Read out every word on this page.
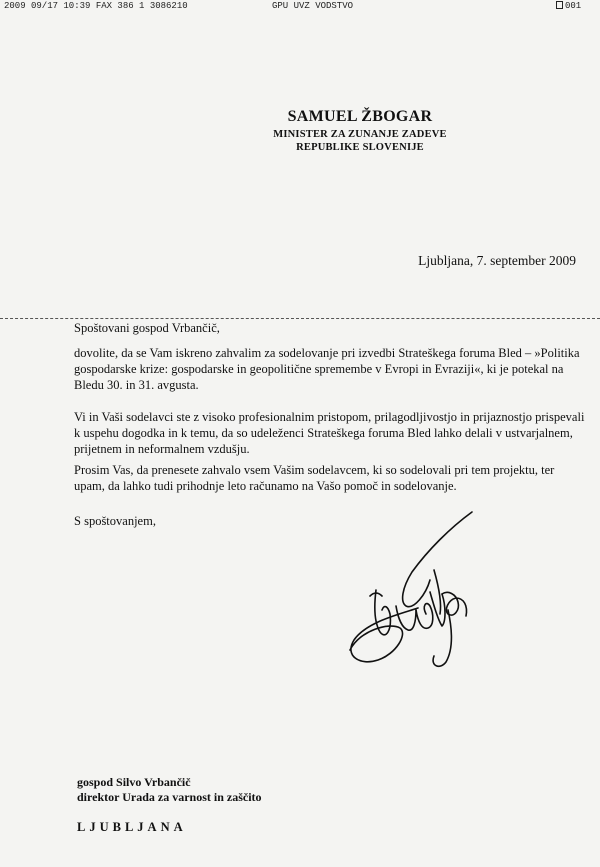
2009 09/17 10:39 FAX 386 1 3086210	GPU UVZ VODSTVO	001
SAMUEL ŽBOGAR
MINISTER ZA ZUNANJE ZADEVE
REPUBLIKE SLOVENIJE
Ljubljana, 7. september 2009
Spoštovani gospod Vrbančič,
dovolite, da se Vam iskreno zahvalim za sodelovanje pri izvedbi Strateškega foruma Bled – »Politika gospodarske krize: gospodarske in geopolitične spremembe v Evropi in Evraziji«, ki je potekal na Bledu 30. in 31. avgusta.
Vi in Vaši sodelavci ste z visoko profesionalnim pristopom, prilagodljivostjo in prijaznostjo prispevali k uspehu dogodka in k temu, da so udeleženci Strateškega foruma Bled lahko delali v ustvarjalnem, prijetnem in neformalnem vzdušju.
Prosim Vas, da prenesete zahvalo vsem Vašim sodelavcem, ki so sodelovali pri tem projektu, ter upam, da lahko tudi prihodnje leto računamo na Vašo pomoč in sodelovanje.
S spoštovanjem,
gospod Silvo Vrbančič
direktor Urada za varnost in zaščito
LJUBLJANA
